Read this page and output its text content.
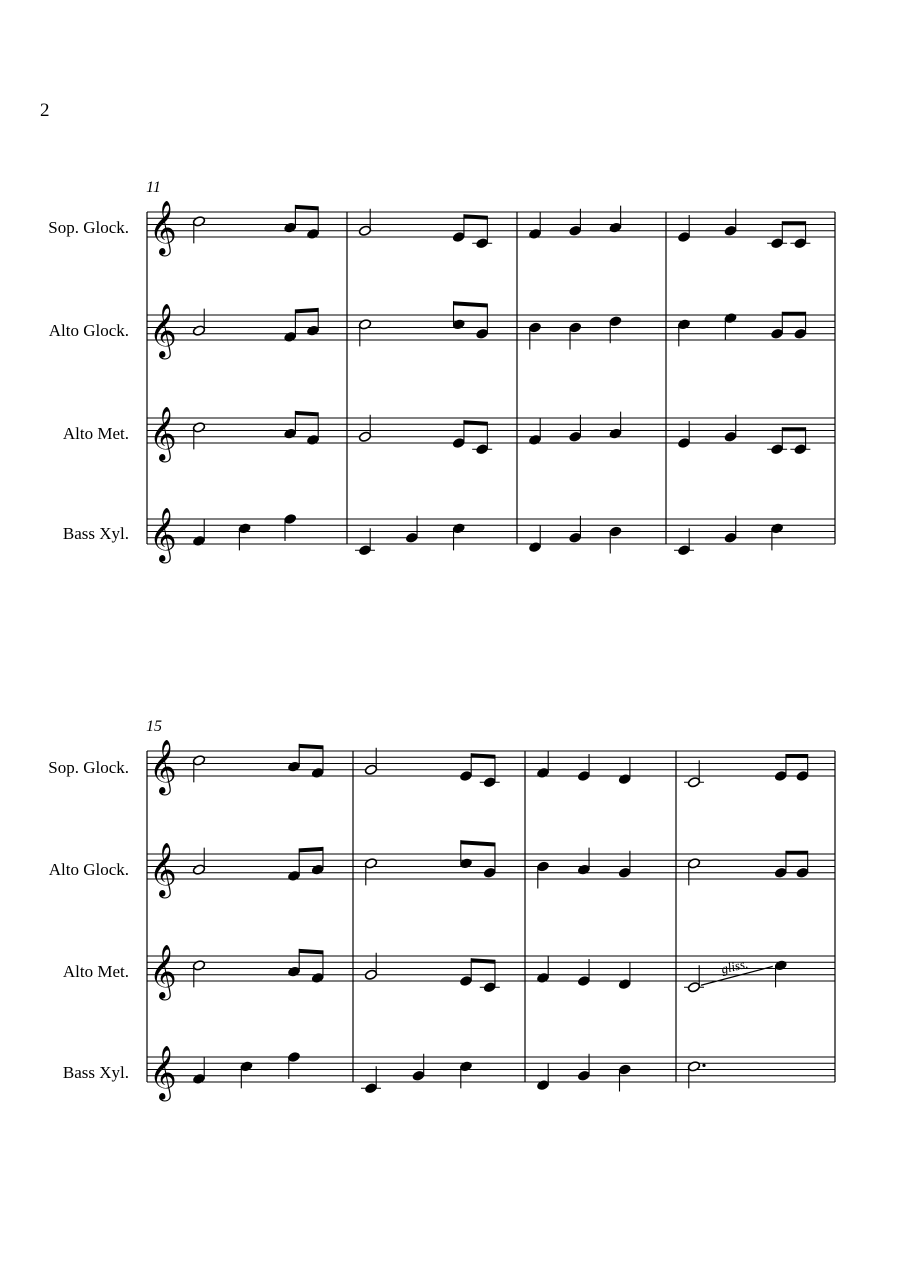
2
11
Sop. Glock.
Alto Glock.
Alto Met.
Bass Xyl.
15
Sop. Glock.
Alto Glock.
Alto Met.
Bass Xyl.
𝄞
𝄞
𝄞
𝄞
𝄞
𝄞
𝄞
𝄞
gliss.
